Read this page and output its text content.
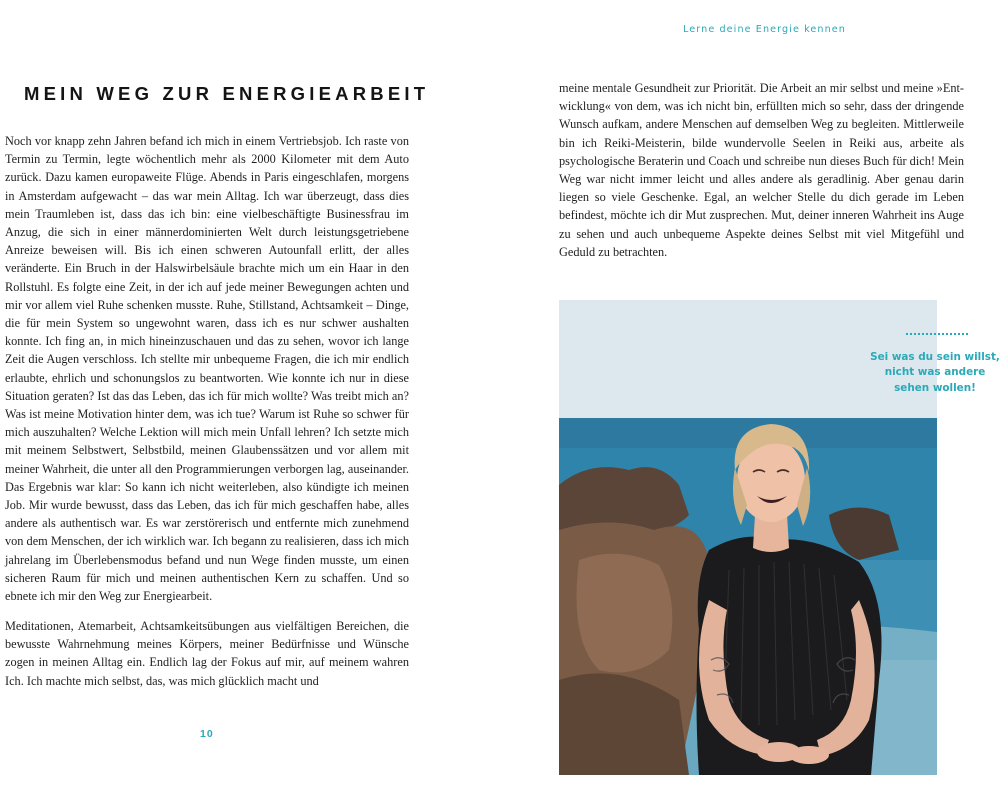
MEIN WEG ZUR ENERGIEARBEIT

Noch vor knapp zehn Jahren befand ich mich in einem Vertriebsjob. Ich raste von Termin zu Termin, legte wöchentlich mehr als 2000 Kilometer mit dem Auto zurück. Dazu kamen europaweite Flüge. Abends in Paris eingeschlafen, morgens in Amsterdam aufgewacht – das war mein Alltag. Ich war überzeugt, dass dies mein Traumleben ist, dass das ich bin: eine vielbeschäftigte Businessfrau im Anzug, die sich in einer männerdominierten Welt durch leistungsgetriebene Anreize beweisen will. Bis ich einen schweren Autounfall erlitt, der alles veränderte. Ein Bruch in der Halswirbelsäule brachte mich um ein Haar in den Rollstuhl. Es folgte eine Zeit, in der ich auf jede meiner Bewegungen achten und mir vor allem viel Ruhe schenken musste. Ruhe, Stillstand, Achtsamkeit – Dinge, die für mein System so ungewohnt waren, dass ich es nur schwer aushalten konnte. Ich fing an, in mich hineinzuschauen und das zu sehen, wovor ich lange Zeit die Augen verschloss. Ich stellte mir unbequeme Fragen, die ich mir endlich erlaubte, ehrlich und schonungslos zu beantworten. Wie konnte ich nur in diese Situation geraten? Ist das das Leben, das ich für mich wollte? Was treibt mich an? Was ist meine Motivation hinter dem, was ich tue? Warum ist Ruhe so schwer für mich auszuhalten? Welche Lektion will mich mein Unfall lehren? Ich setzte mich mit meinem Selbstwert, Selbstbild, meinen Glaubenssätzen und vor allem mit meiner Wahrheit, die unter all den Programmierungen verborgen lag, auseinander. Das Ergebnis war klar: So kann ich nicht weiterleben, also kündigte ich meinen Job. Mir wurde bewusst, dass das Leben, das ich für mich geschaffen habe, alles andere als authentisch war. Es war zerstörerisch und entfernte mich zunehmend von dem Menschen, der ich wirklich war. Ich begann zu realisieren, dass ich mich jahrelang im Überlebensmodus befand und nun Wege finden musste, um einen sicheren Raum für mich und meinen authentischen Kern zu schaffen. Und so ebnete ich mir den Weg zur Energiearbeit.

Meditationen, Atemarbeit, Achtsamkeitsübungen aus vielfältigen Bereichen, die bewusste Wahrnehmung meines Körpers, meiner Bedürfnisse und Wünsche zogen in meinen Alltag ein. Endlich lag der Fokus auf mir, auf meinem wahren Ich. Ich machte mich selbst, das, was mich glücklich macht und

10
Lerne deine Energie kennen

meine mentale Gesundheit zur Priorität. Die Arbeit an mir selbst und meine »Ent-wicklung« von dem, was ich nicht bin, erfüllten mich so sehr, dass der dringende Wunsch aufkam, andere Menschen auf demselben Weg zu begleiten. Mittlerweile bin ich Reiki-Meisterin, bilde wundervolle Seelen in Reiki aus, arbeite als psychologische Beraterin und Coach und schreibe nun dieses Buch für dich! Mein Weg war nicht immer leicht und alles andere als geradlinig. Aber genau darin liegen so viele Geschenke. Egal, an welcher Stelle du dich gerade im Leben befindest, möchte ich dir Mut zusprechen. Mut, deiner inneren Wahrheit ins Auge zu sehen und auch unbequeme Aspekte deines Selbst mit viel Mitgefühl und Geduld zu betrachten.

Sei was du sein willst, nicht was andere sehen wollen!
